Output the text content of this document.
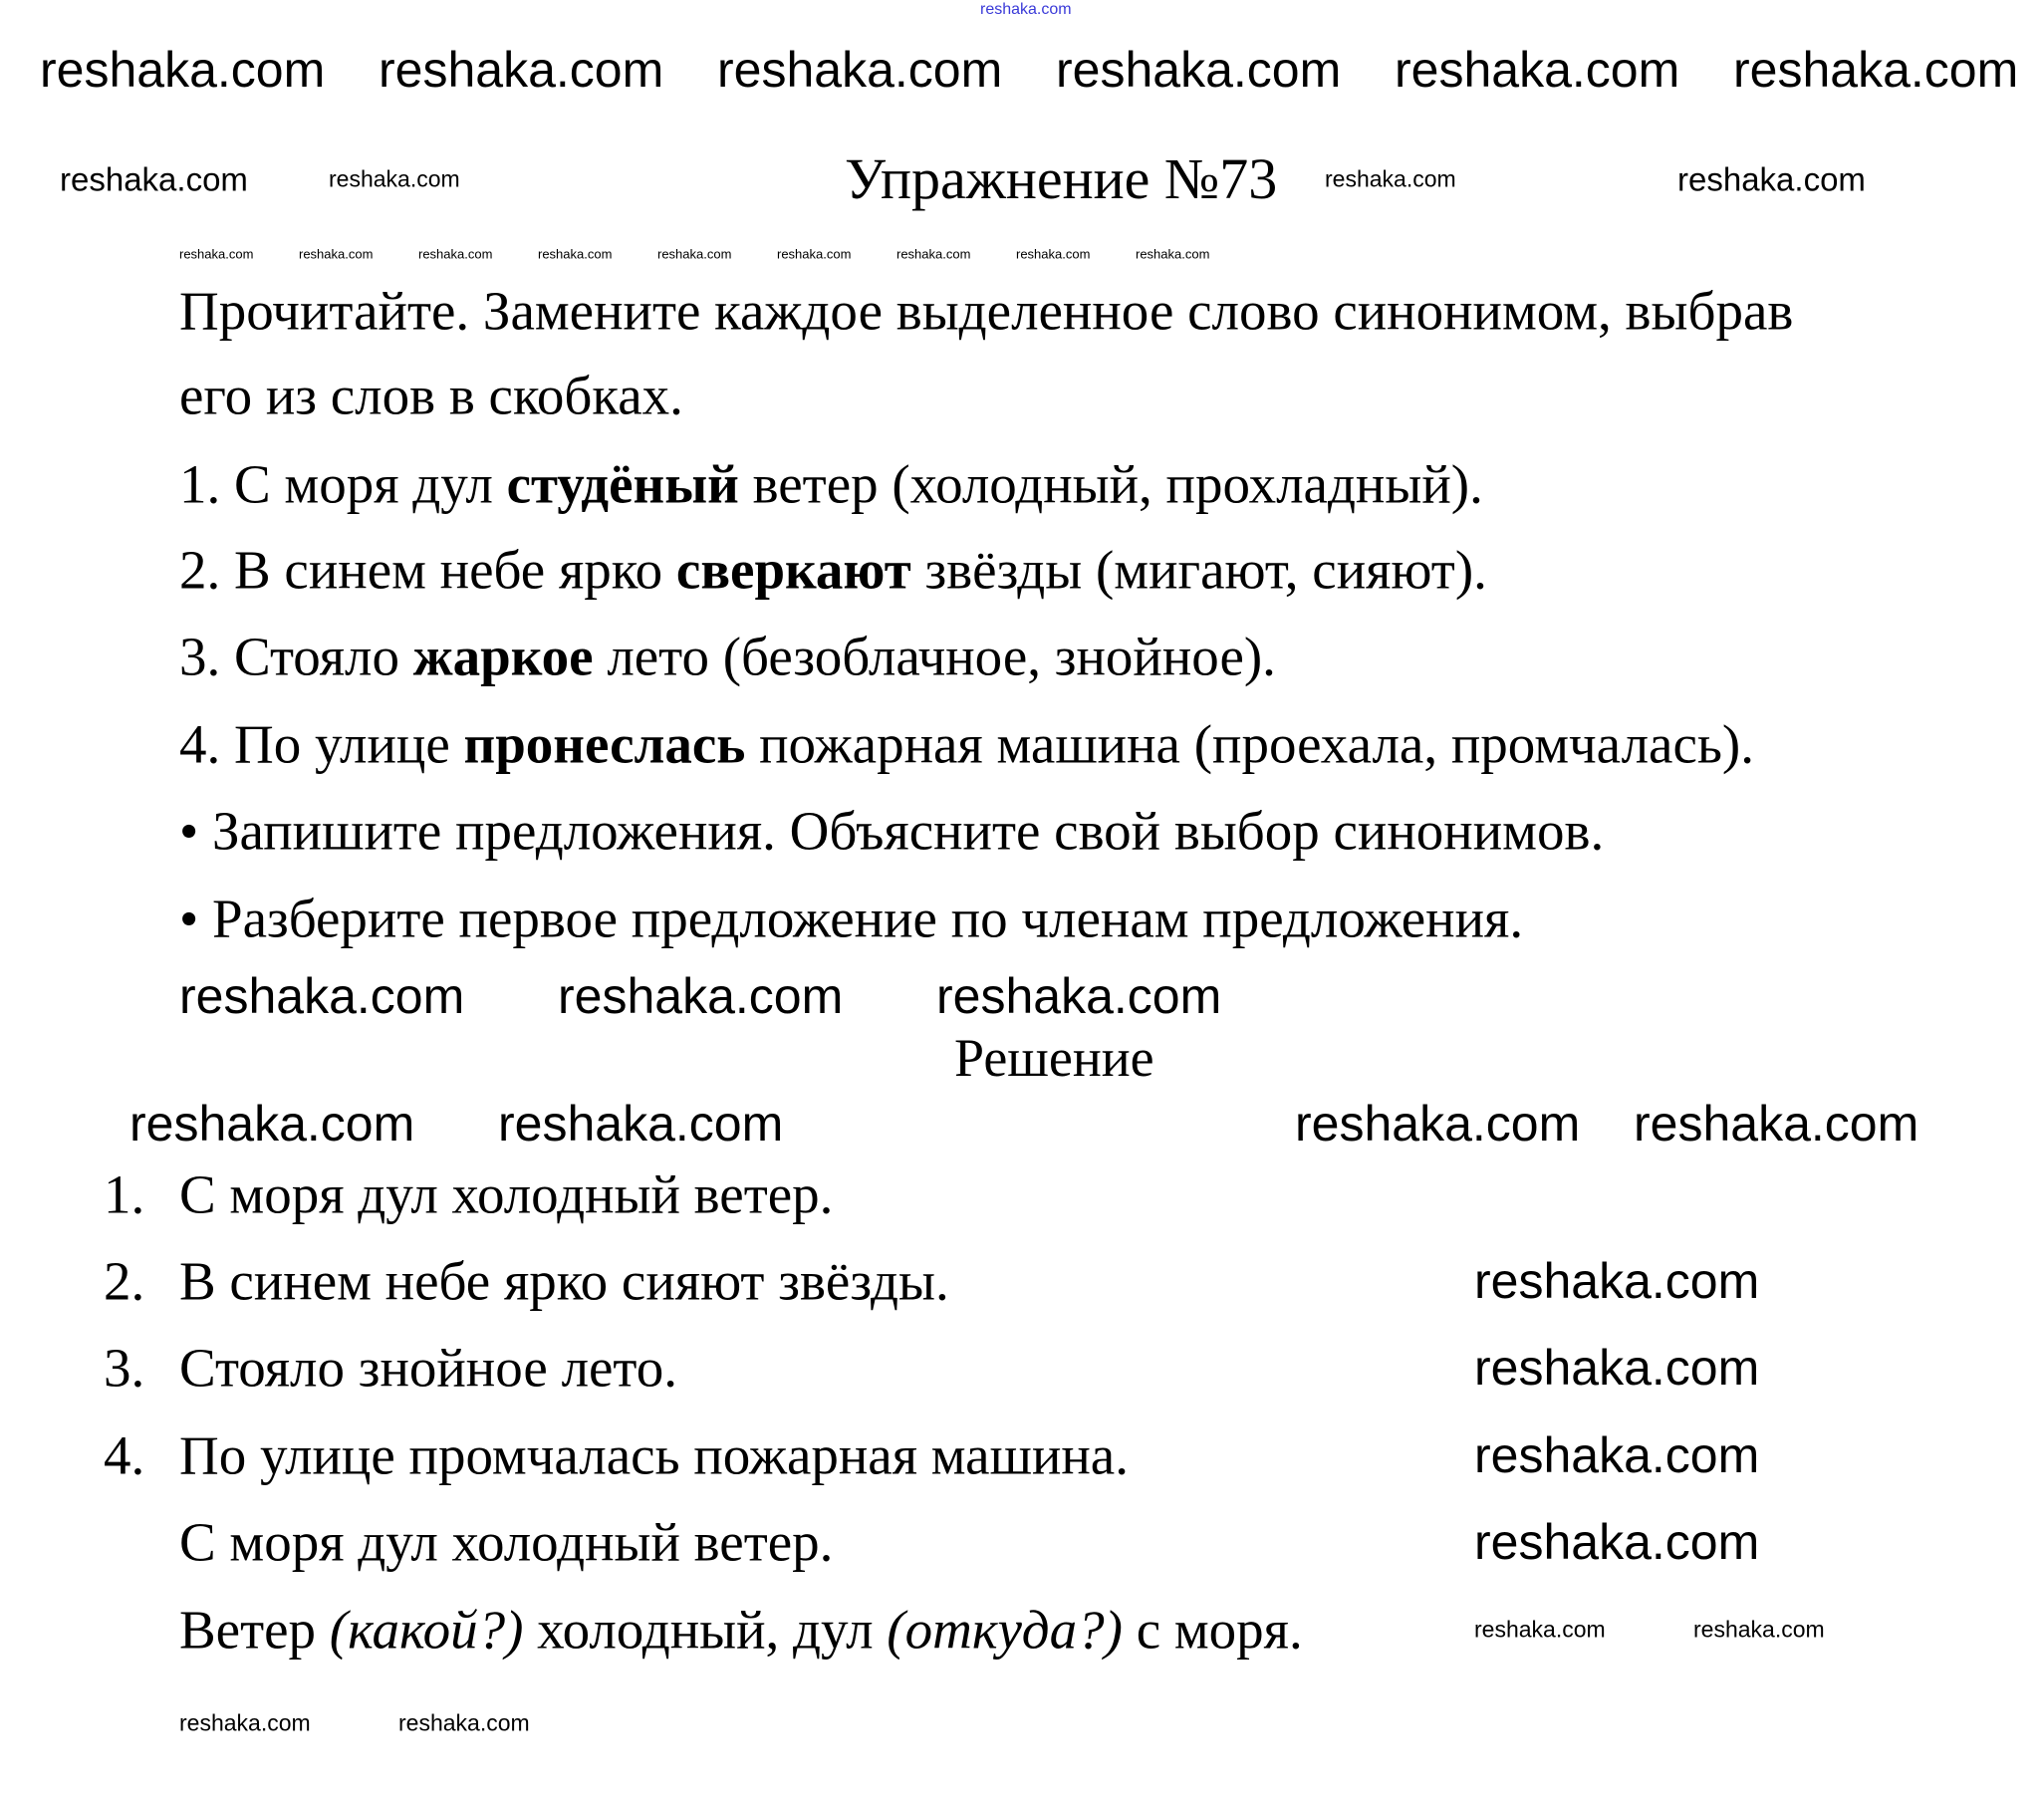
Упражнение №73
Прочитайте. Замените каждое выделенное слово синонимом, выбрав
его из слов в скобках.
1. С моря дул студёный ветер (холодный, прохладный).
2. В синем небе ярко сверкают звёзды (мигают, сияют).
3. Стояло жаркое лето (безоблачное, знойное).
4. По улице пронеслась пожарная машина (проехала, промчалась).
• Запишите предложения. Объясните свой выбор синонимов.
• Разберите первое предложение по членам предложения.
Решение
1. С моря дул холодный ветер.
2. В синем небе ярко сияют звёзды.
3. Стояло знойное лето.
4. По улице промчалась пожарная машина.
С моря дул холодный ветер.
Ветер (какой?) холодный, дул (откуда?) с моря.
reshaka.com
reshaka.com reshaka.com reshaka.com reshaka.com reshaka.com reshaka.com
reshaka.com	reshaka.com	reshaka.com	reshaka.com
reshaka.com	reshaka.com	reshaka.com	reshaka.com	reshaka.com	reshaka.com	reshaka.com	reshaka.com	reshaka.com
reshaka.com reshaka.com reshaka.com
reshaka.com reshaka.com	reshaka.com reshaka.com
reshaka.com
reshaka.com
reshaka.com
reshaka.com
reshaka.com	reshaka.com
reshaka.com	reshaka.com
